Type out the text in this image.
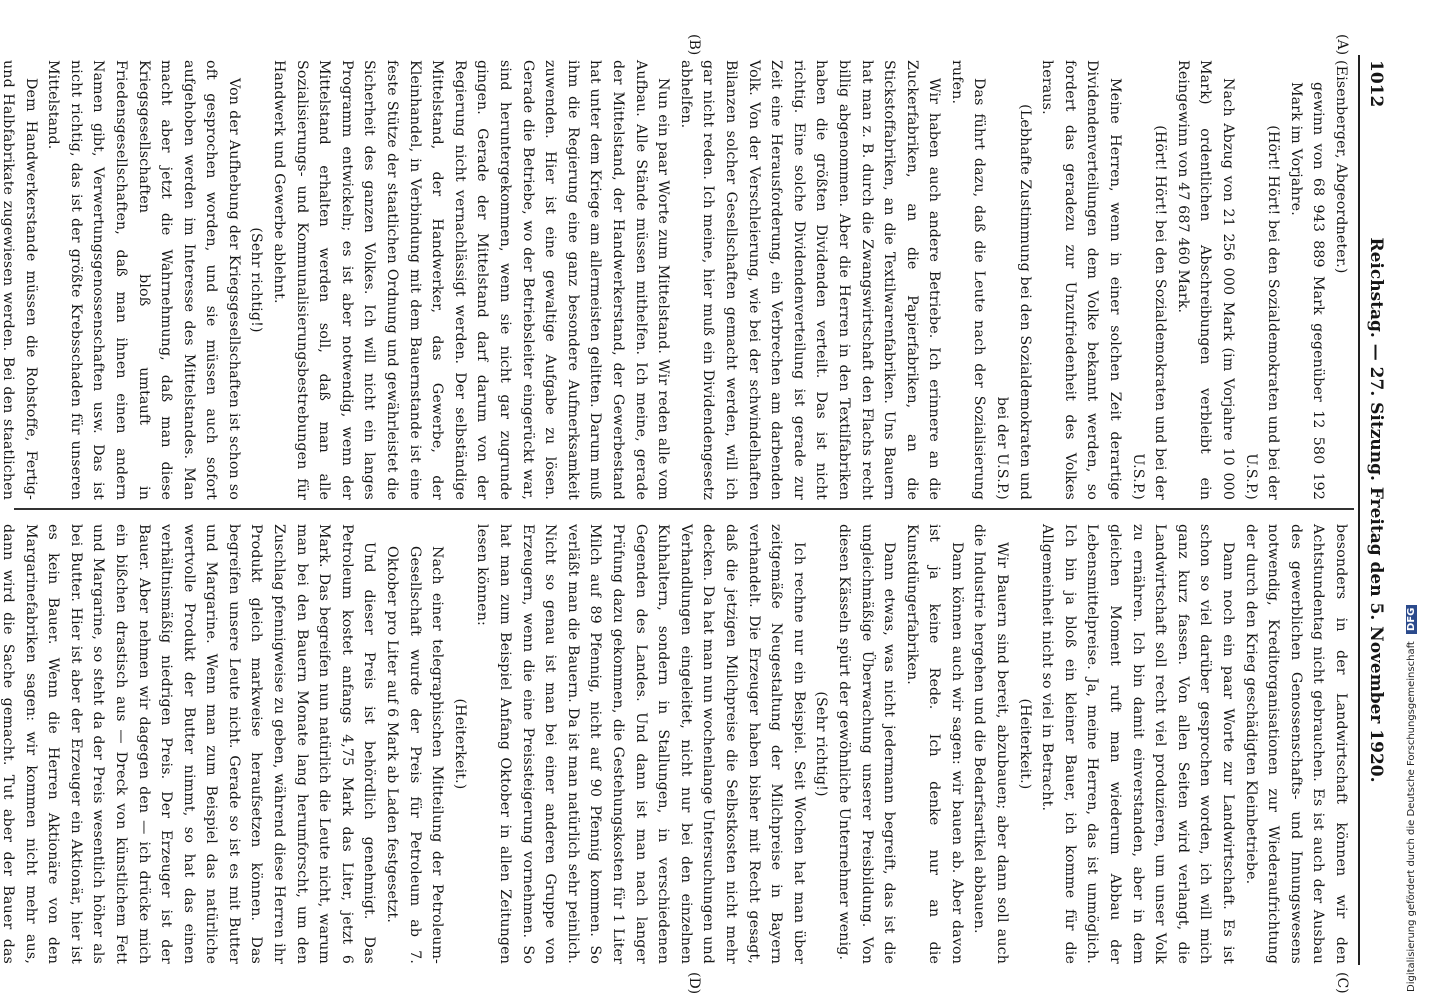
1012
Reichstag. — 27. Sitzung. Freitag den 5. November 1920.
(A)
(B)
(C)
(D)

(Eisenberger, Abgeordneter.)

gewinn von 68 943 889 Mark gegenüber 12 580 192 Mark im Vorjahre.

(Hört! Hört! bei den Sozialdemokraten und bei der U.S.P.)

Nach Abzug von 21 256 000 Mark (im Vorjahre 10 000 Mark) ordentlichen Abschreibungen verbleibt ein Reingewinn von 47 687 460 Mark.

(Hört! Hört! bei den Sozialdemokraten und bei der U.S.P.)

Meine Herren, wenn in einer solchen Zeit derartige Dividendenverteilungen dem Volke bekannt werden, so fordert das geradezu zur Unzufriedenheit des Volkes heraus.

(Lebhafte Zustimmung bei den Sozialdemokraten und bei der U.S.P.)

Das führt dazu, daß die Leute nach der Sozialisierung rufen.

Wir haben auch andere Betriebe. Ich erinnere an die Zuckerfabriken, an die Papierfabriken, an die Stickstoffabriken, an die Textilwarenfabriken. Uns Bauern hat man z. B. durch die Zwangswirtschaft den Flachs recht billig abgenommen. Aber die Herren in den Textilfabriken haben die größten Dividenden verteilt. Das ist nicht richtig. Eine solche Dividendenverteilung ist gerade zur Zeit eine Herausforderung, ein Verbrechen am darbenden Volk. Von der Verschleierung, wie bei der schwindelhaften Bilanzen solcher Gesellschaften gemacht werden, will ich gar nicht reden. Ich meine, hier muß ein Dividendengesetz abhelfen.

Nun ein paar Worte zum Mittelstand. Wir reden alle vom Aufbau. Alle Stände müssen mithelfen. Ich meine, gerade der Mittelstand, der Handwerkerstand, der Gewerbestand hat unter dem Kriege am allermeisten gelitten. Darum muß ihm die Regierung eine ganz besondere Aufmerksamkeit zuwenden. Hier ist eine gewaltige Aufgabe zu lösen. Gerade die Betriebe, wo der Betriebsleiter eingerückt war, sind heruntergekommen, wenn sie nicht gar zugrunde gingen. Gerade der Mittelstand darf darum von der Regierung nicht vernachlässigt werden. Der selbständige Mittelstand, der Handwerker, das Gewerbe, der Kleinhandel, in Verbindung mit dem Bauernstande ist eine feste Stütze der staatlichen Ordnung und gewährleistet die Sicherheit des ganzen Volkes. Ich will nicht ein langes Programm entwickeln; es ist aber notwendig, wenn der Mittelstand erhalten werden soll, daß man alle Sozialisierungs- und Kommunalisierungsbestrebungen für Handwerk und Gewerbe ablehnt.

(Sehr richtig!)

Von der Aufhebung der Kriegsgesellschaften ist schon so oft gesprochen worden, und sie müssen auch sofort aufgehoben werden im Interesse des Mittelstandes. Man macht aber jetzt die Wahrnehmung, daß man diese Kriegsgesellschaften bloß umtauft in Friedensgesellschaften, daß man ihnen einen andern Namen gibt, Verwertungsgenossenschaften usw. Das ist nicht richtig, das ist der größte Krebsschaden für unseren Mittelstand.

Dem Handwerkerstande müssen die Rohstoffe, Fertig- und Halbfabrikate zugewiesen werden. Bei den staatlichen

besonders in der Landwirtschaft können wir den Achtstundentag nicht gebrauchen. Es ist auch der Ausbau des gewerblichen Genossenschafts- und Innungswesens notwendig, Kreditorganisationen zur Wiederaufrichtung der durch den Krieg geschädigten Kleinbetriebe.

Dann noch ein paar Worte zur Landwirtschaft. Es ist schon so viel darüber gesprochen worden, ich will mich ganz kurz fassen. Von allen Seiten wird verlangt, die Landwirtschaft soll recht viel produzieren, um unser Volk zu ernähren. Ich bin damit einverstanden, aber in dem gleichen Moment ruft man wiederum Abbau der Lebensmittelpreise. Ja, meine Herren, das ist unmöglich. Ich bin ja bloß ein kleiner Bauer, ich komme für die Allgemeinheit nicht so viel in Betracht.

(Heiterkeit.)

Wir Bauern sind bereit, abzubauen; aber dann soll auch die Industrie hergehen und die Bedarfsartikel abbauen.

Dann können auch wir sagen: wir bauen ab. Aber davon ist ja keine Rede. Ich denke nur an die Kunstdüngerfabriken.

Dann etwas, was nicht jedermann begreift, das ist die ungleichmäßige Überwachung unserer Preisbildung. Von diesen Kässeln spürt der gewöhnliche Unternehmer wenig.

(Sehr richtig!)

Ich rechne nur ein Beispiel. Seit Wochen hat man über zeitgemäße Neugestaltung der Milchpreise in Bayern verhandelt. Die Erzeuger haben bisher mit Recht gesagt, daß die jetzigen Milchpreise die Selbstkosten nicht mehr decken. Da hat man nun wochenlange Untersuchungen und Verhandlungen eingeleitet, nicht nur bei den einzelnen Kuhhaltern, sondern in Stallungen, in verschiedenen Gegenden des Landes. Und dann ist man nach langer Prüfung dazu gekommen, die Gestehungskosten für 1 Liter Milch auf 89 Pfennig, nicht auf 90 Pfennig kommen. So verläßt man die Bauern. Da ist man natürlich sehr peinlich. Nicht so genau ist man bei einer anderen Gruppe von Erzeugern, wenn die eine Preissteigerung vornehmen. So hat man zum Beispiel Anfang Oktober in allen Zeitungen lesen können:

(Heiterkeit.)

Nach einer telegraphischen Mitteilung der Petroleum-Gesellschaft wurde der Preis für Petroleum ab 7. Oktober pro Liter auf 6 Mark ab Laden festgesetzt.

Und dieser Preis ist behördlich genehmigt. Das Petroleum kostet anfangs 4,75 Mark das Liter, jetzt 6 Mark. Das begreifen nun natürlich die Leute nicht, warum man bei den Bauern Monate lang herumforscht, um den Zuschlag pfennigweise zu geben, während diese Herren ihr Produkt gleich markweise heraufsetzen können. Das begreifen unsere Leute nicht. Gerade so ist es mit Butter und Margarine. Wenn man zum Beispiel das natürliche wertvolle Produkt der Butter nimmt, so hat das einen verhältnismäßig niedrigen Preis. Der Erzeuger ist der Bauer. Aber nehmen wir dagegen den — ich drücke mich ein bißchen drastisch aus — Dreck von künstlichem Fett und Margarine, so steht da der Preis wesentlich höher als bei Butter. Hier ist aber der Erzeuger ein Aktionär, hier ist es kein Bauer. Wenn die Herren Aktionäre von den Margarinefabriken sagen: wir kommen nicht mehr aus, dann wird die Sache gemacht. Tut aber der Bauer das	Digitalisierung gefördert durch die Deutsche Forschungsgemeinschaft DFG
